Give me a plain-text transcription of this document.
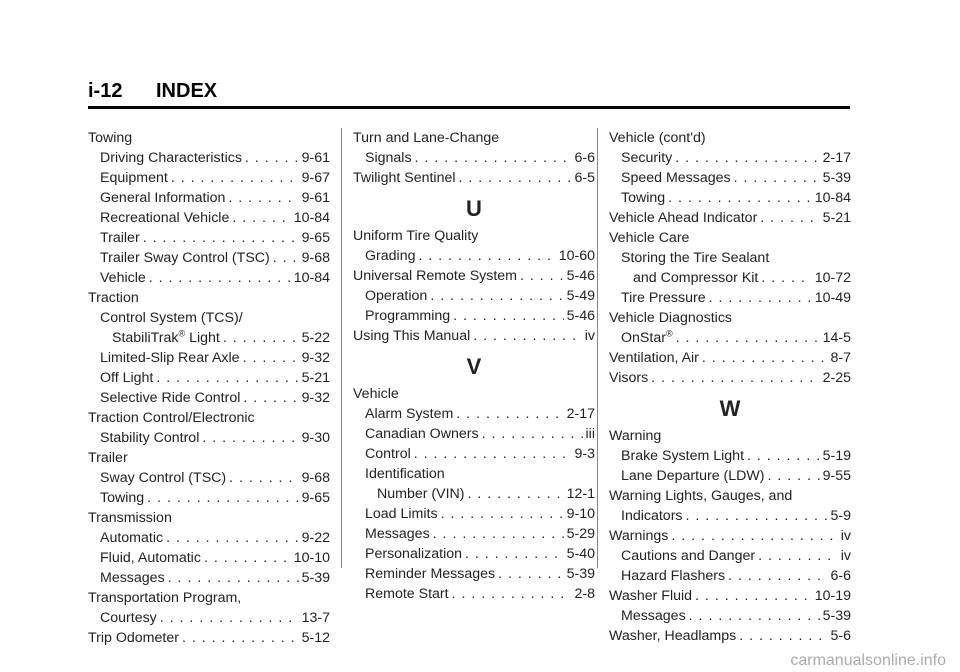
i-12 INDEX
Towing
Driving Characteristics . . .	9-61
Equipment . . .	9-67
General Information . . .	9-61
Recreational Vehicle . . .	10-84
Trailer . . .	9-65
Trailer Sway Control (TSC) . . . 9-68
Vehicle . . .	10-84
Traction
Control System (TCS)/
StabiliTrak® Light . . .	5-22
Limited-Slip Rear Axle . . .	9-32
Off Light . . .	5-21
Selective Ride Control . . .	9-32
Traction Control/Electronic
Stability Control . . .	9-30
Trailer
Sway Control (TSC) . . .	9-68
Towing . . .	9-65
Transmission
Automatic . . .	9-22
Fluid, Automatic . . .	10-10
Messages . . .	5-39
Transportation Program,
Courtesy . . .	13-7
Trip Odometer . . .	5-12
Turn and Lane-Change
Signals . . .	6-6
Twilight Sentinel . . .	6-5
U
Uniform Tire Quality
Grading . . .	10-60
Universal Remote System . . .	5-46
Operation . . .	5-49
Programming . . .	5-46
Using This Manual . . .	iv
V
Vehicle
Alarm System . . .	2-17
Canadian Owners . . .	iii
Control . . .	9-3
Identification
Number (VIN) . . .	12-1
Load Limits . . .	9-10
Messages . . .	5-29
Personalization . . .	5-40
Reminder Messages . . .	5-39
Remote Start . . .	2-8
Vehicle (cont'd)
Security . . .	2-17
Speed Messages . . .	5-39
Towing . . .	10-84
Vehicle Ahead Indicator . . .	5-21
Vehicle Care
Storing the Tire Sealant
and Compressor Kit . . .	10-72
Tire Pressure . . .	10-49
Vehicle Diagnostics
OnStar® . . .	14-5
Ventilation, Air . . .	8-7
Visors . . .	2-25
W
Warning
Brake System Light . . .	5-19
Lane Departure (LDW) . . .	9-55
Warning Lights, Gauges, and
Indicators . . .	5-9
Warnings . . .	iv
Cautions and Danger . . .	iv
Hazard Flashers . . .	6-6
Washer Fluid . . .	10-19
Messages . . .	5-39
Washer, Headlamps . . .	5-6
carmanualsonline.info
